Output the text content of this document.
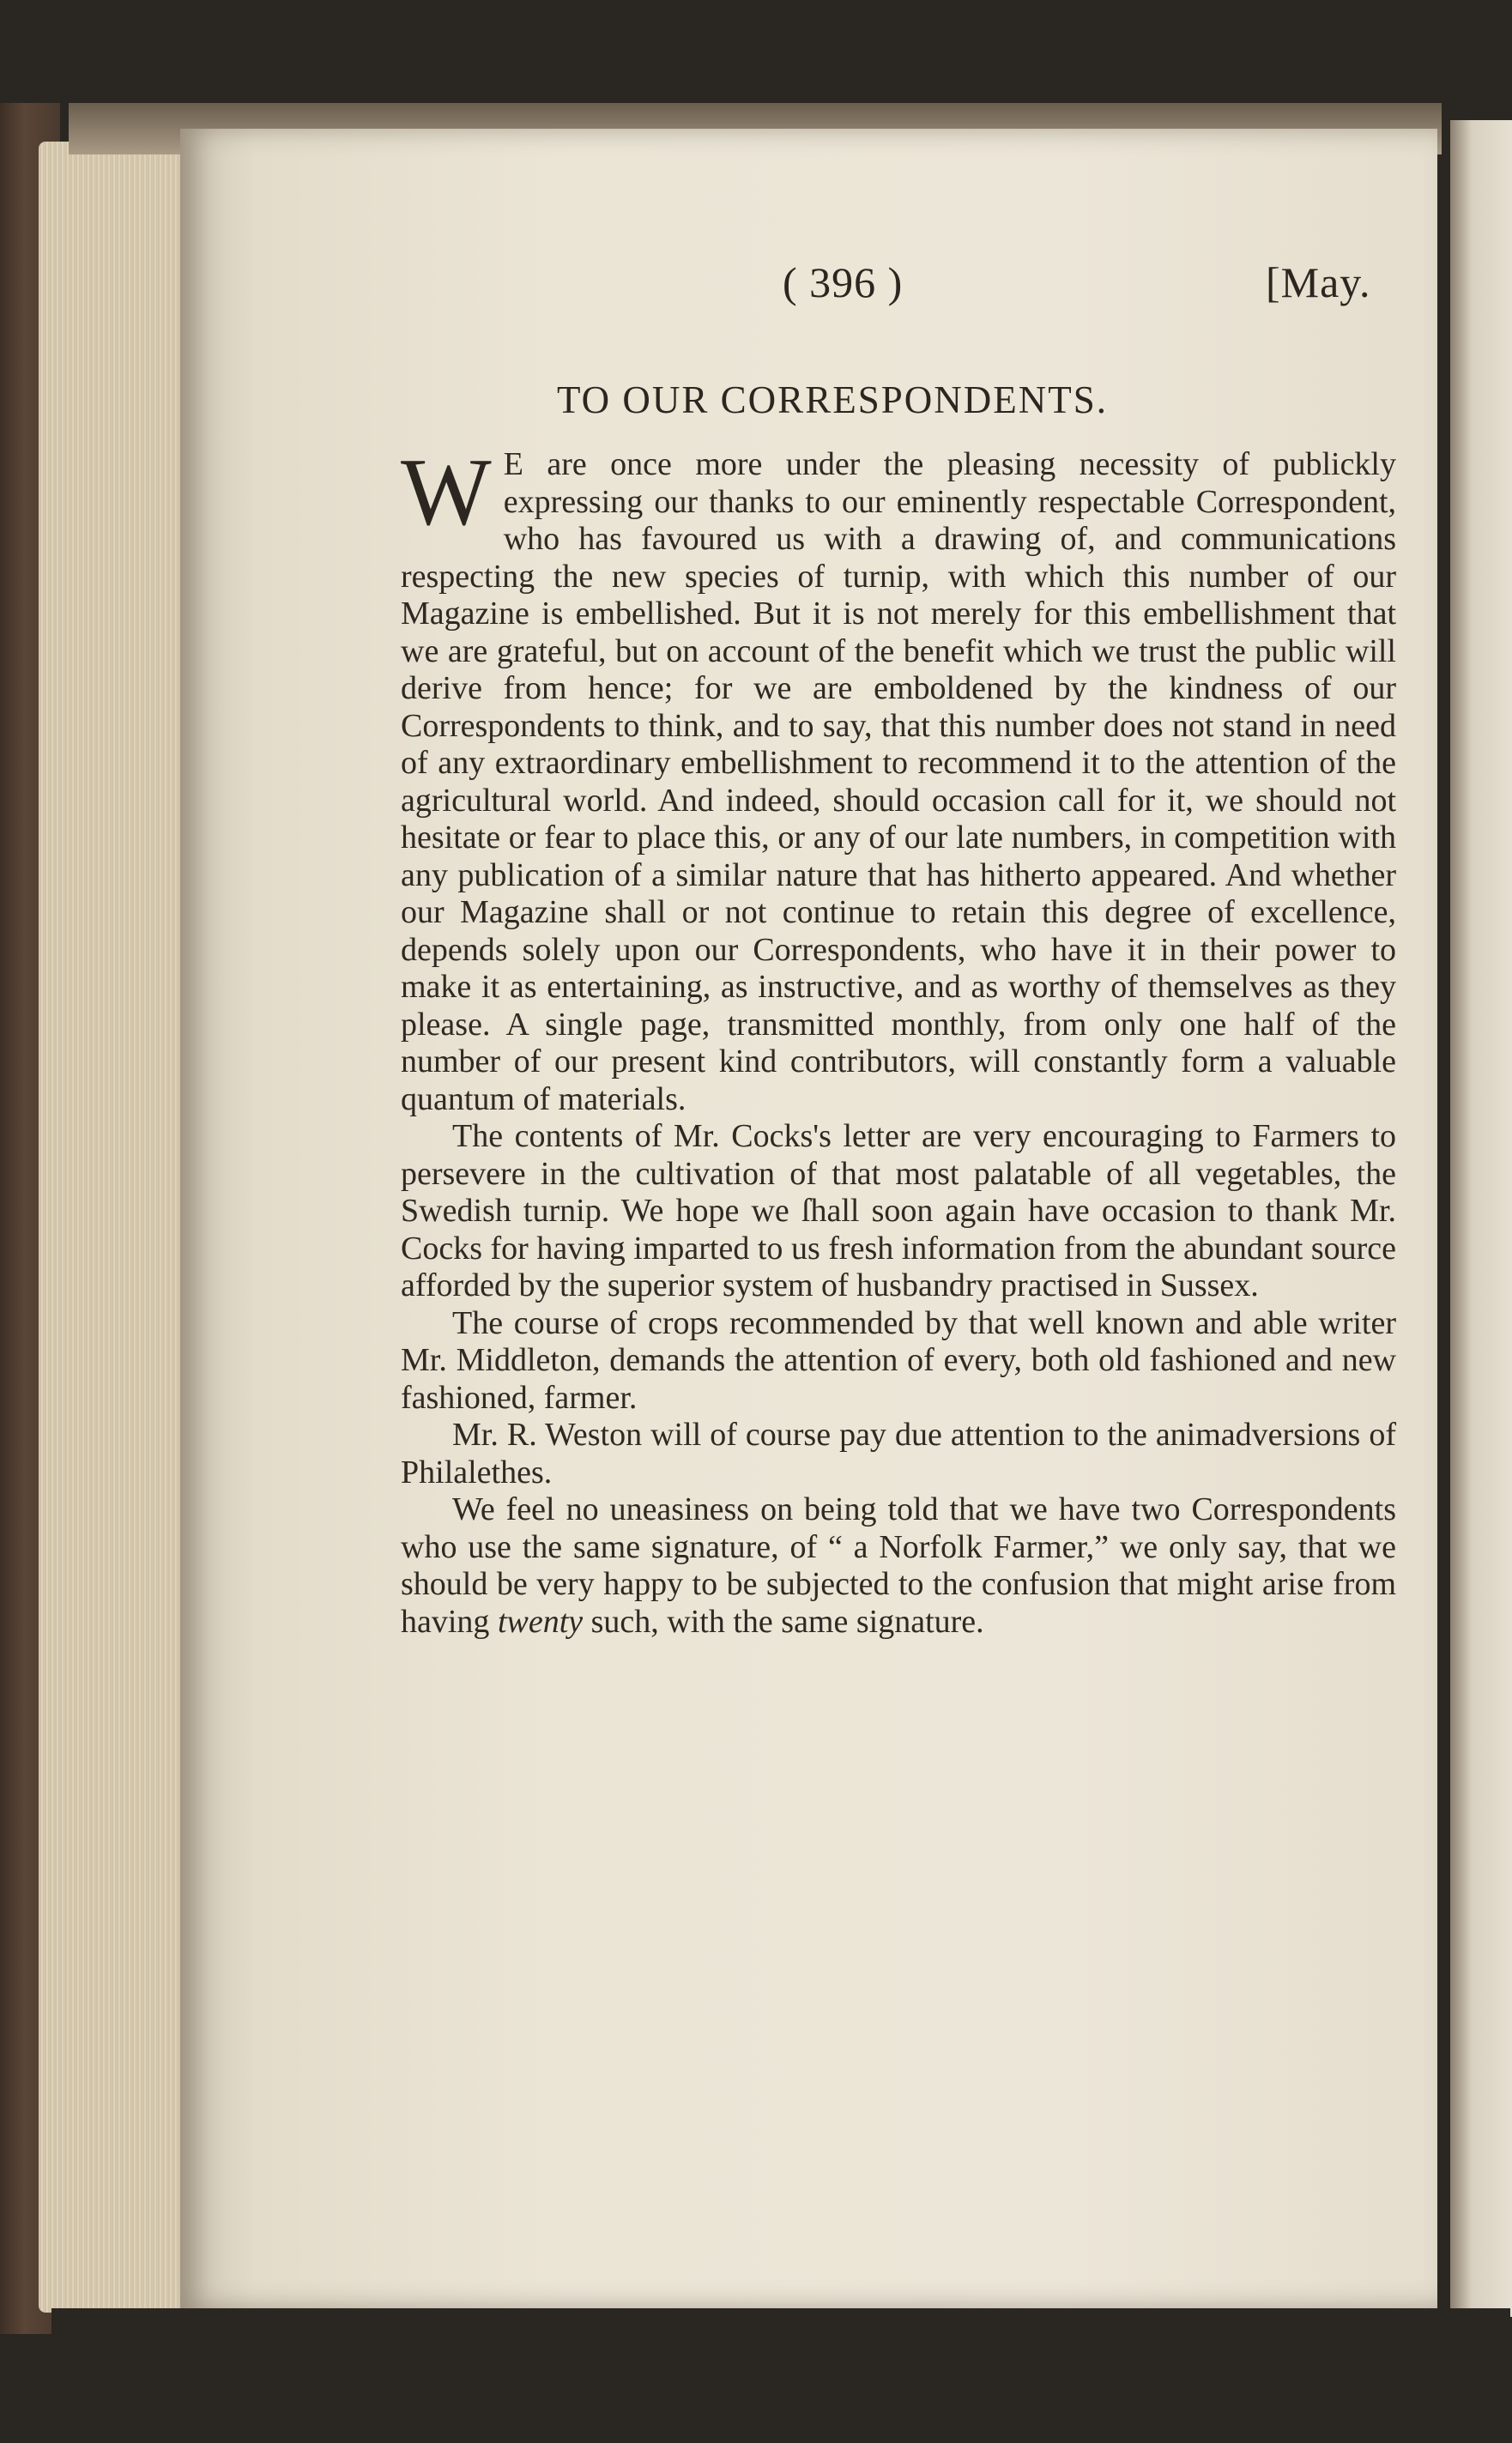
( 396 )	[May.
TO OUR CORRESPONDENTS.

W E are once more under the pleasing necessity of publickly expressing our thanks to our eminently respectable Correspondent, who has favoured us with a drawing of, and communications respecting the new species of turnip, with which this number of our Magazine is embellished. But it is not merely for this embellishment that we are grateful, but on account of the benefit which we trust the public will derive from hence; for we are emboldened by the kindness of our Correspondents to think, and to say, that this number does not stand in need of any extraordinary embellishment to recommend it to the attention of the agricultural world. And indeed, should occasion call for it, we should not hesitate or fear to place this, or any of our late numbers, in competition with any publication of a similar nature that has hitherto appeared. And whether our Magazine shall or not continue to retain this degree of excellence, depends solely upon our Correspondents, who have it in their power to make it as entertaining, as instructive, and as worthy of themselves as they please. A single page, transmitted monthly, from only one half of the number of our present kind contributors, will constantly form a valuable quantum of materials.

The contents of Mr. Cocks's letter are very encouraging to Farmers to persevere in the cultivation of that most palatable of all vegetables, the Swedish turnip. We hope we ſhall soon again have occasion to thank Mr. Cocks for having imparted to us fresh information from the abundant source afforded by the superior system of husbandry practised in Sussex.

The course of crops recommended by that well known and able writer Mr. Middleton, demands the attention of every, both old fashioned and new fashioned, farmer.

Mr. R. Weston will of course pay due attention to the animadversions of Philalethes.

We feel no uneasiness on being told that we have two Correspondents who use the same signature, of “ a Norfolk Farmer,” we only say, that we should be very happy to be subjected to the confusion that might arise from having twenty such, with the same signature.
